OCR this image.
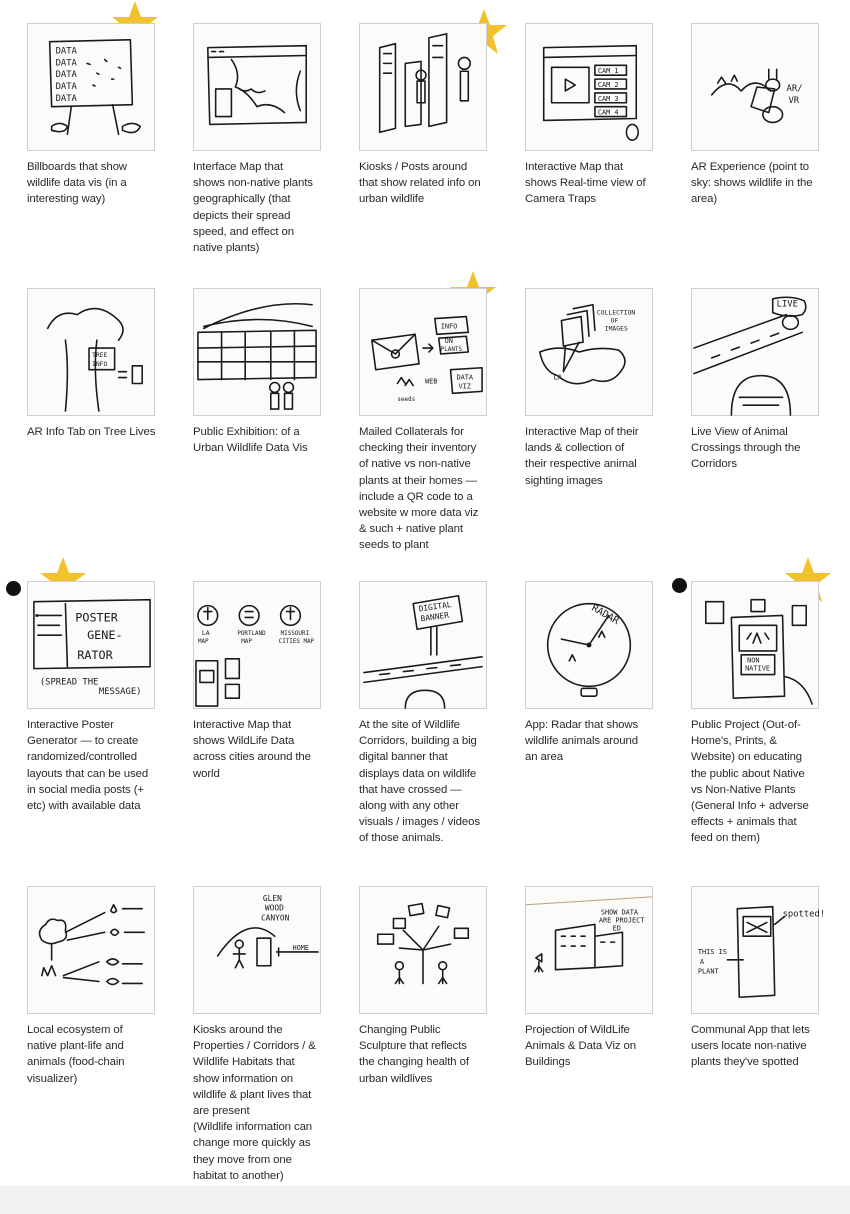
DATA
DATA
DATA
DATA
DATA
Billboards that show
wildlife data vis (in a
interesting way)
Interface Map that
shows non-native plants
geographically (that
depicts their spread
speed, and effect on
native plants)
Kiosks / Posts around
that show related info on
urban wildlife
CAM 1
CAM 2
CAM 3
CAM 4
Interactive Map that
shows Real-time view of
Camera Traps
AR/
VR
AR Experience (point to
sky: shows wildlife in the
area)
TREE
INFO
AR Info Tab on Tree Lives	Public Exhibition: of a
Urban Wildlife Data Vis
INFO
ON
PLANTS
DATA
VIZ
WEB
seeds
Mailed Collaterals for
checking their inventory
of native vs non-native
plants at their homes —
include a QR code to a
website w more data viz
& such + native plant
seeds to plant
COLLECTION
OF
IMAGES
LA
Interactive Map of their
lands & collection of
their respective animal
sighting images
LIVE
Live View of Animal
Crossings through the
Corridors
POSTER
GENE-
RATOR
(SPREAD THE
MESSAGE)
Interactive Poster
Generator — to create
randomized/controlled
layouts that can be used
in social media posts (+
etc) with available data
LA
MAP
PORTLAND
MAP
MISSOURI
CITIES MAP
Interactive Map that
shows WildLife Data
across cities around the
world
DIGITAL
BANNER
At the site of Wildlife
Corridors, building a big
digital banner that
displays data on wildlife
that have crossed —
along with any other
visuals / images / videos
of those animals.
RADAR
App: Radar that shows
wildlife animals around
an area
NON
NATIVE
Public Project (Out-of-
Home's, Prints, &
Website) on educating
the public about Native
vs Non-Native Plants
(General Info + adverse
effects + animals that
feed on them)
Local ecosystem of
native plant-life and
animals (food-chain
visualizer)
GLEN
WOOD
CANYON
HOME
Kiosks around the
Properties / Corridors / &
Wildlife Habitats that
show information on
wildlife & plant lives that
are present
(Wildlife information can
change more quickly as
they move from one
habitat to another)
Changing Public
Sculpture that reflects
the changing health of
urban wildlives
SHOW DATA
ARE PROJECT
ED
Projection of WildLife
Animals & Data Viz on
Buildings
spotted!
THIS IS
A
PLANT
Communal App that lets
users locate non-native
plants they've spotted
